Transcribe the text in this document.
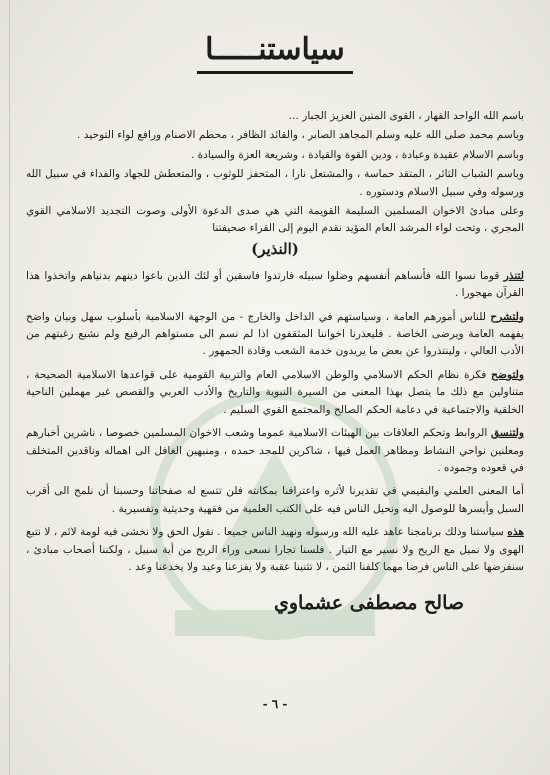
سياستنـــــا

باسم الله الواحد القهار ، القوى المتين العزيز الجبار ...

وباسم محمد صلى الله عليه وسلم المجاهد الصابر ، والقائد الظافر ، محطم الاصنام ورافع لواء التوحيد .

وباسم الاسلام عقيدة وعبادة ، ودين القوة والقيادة ، وشريعة العزة والسيادة .

وباسم الشباب الثائر ، المتقد حماسة ، والمشتعل نارا ، المتحفز للوثوب ، والمتعطش للجهاد والفداء في سبيل الله ورسوله وفي سبيل الاسلام ودستوره .

وعلى مبادئ الاخوان المسلمين السليمة القويمة التي هي صدى الدعوة الأولى وصوت التجديد الاسلامي القوي المجري ، وتحت لواء المرشد العام المؤيد نقدم اليوم إلى القراء صحيفتنا

(النذير)

لتنذر قوما نسوا الله فأنساهم أنفسهم وضلوا سبيله فارتدوا فاسقين أو لئك الذين باعوا دينهم بدنياهم واتخذوا هذا القرآن مهجورا .

ولتشرح للناس أمورهم العامة ، وسياستهم في الداخل والخارج - من الوجهة الاسلامية بأسلوب سهل وبيان واضح يفهمه العامة ويرضى الخاصة . فليعذرنا اخواننا المثقفون اذا لم نسم الى مستواهم الرفيع ولم نشبع رغبتهم من الأدب العالي ، ولينتذروا عن بعض ما يريدون خدمة الشعب وقادة الجمهور .

ولتوضح فكرة نظام الحكم الاسلامي والوطن الاسلامي العام والتربية القومية على قواعدها الاسلامية الصحيحة ، متناولين مع ذلك ما يتصل بهذا المعنى من السيرة النبوية والتاريخ والأدب العربي والقصص غير مهملين الناحية الخلقية والاجتماعية في دعامة الحكم الصالح والمجتمع القوي السليم .

ولتنسق الروابط وتحكم العلاقات بين الهيئات الاسلامية عموما وشعب الاخوان المسلمين خصوصا ، ناشرين أخبارهم ومعلنين نواحي النشاط ومظاهر العمل فيها ، شاكرين للمجد حمده ، ومنبهين الغافل الى اهماله وناقدين المتخلف في قعوده وجموده .

أما المعنى العلمي والبقيمي في تقديرنا لأثره واعترافنا بمكانته فلن تتسع له صفحاتنا وحسبنا أن نلمح الى أقرب السبل وأيسرها للوصول اليه ونحيل الناس فيه على الكتب العلمية من فقهية وحديثية وتفسيرية .

هذه سياستنا وذلك برنامجنا عاهد عليه الله ورسوله ونهيد الناس جميعا . نقول الحق ولا نخشى فيه لومة لائم ، لا نتبع الهوى ولا نميل مع الريح ولا نسير مع التيار . فلسنا تجارا نسعى وراء الربح من أية سبيل ، ولكننا أصحاب مبادئ ، سنفرضها على الناس فرضا مهما كلفنا الثمن ، لا تثنينا عقبة ولا يفزعنا وعيد ولا يخدعنا وعد .

صالح مصطفى عشماوي
- ٦ -
